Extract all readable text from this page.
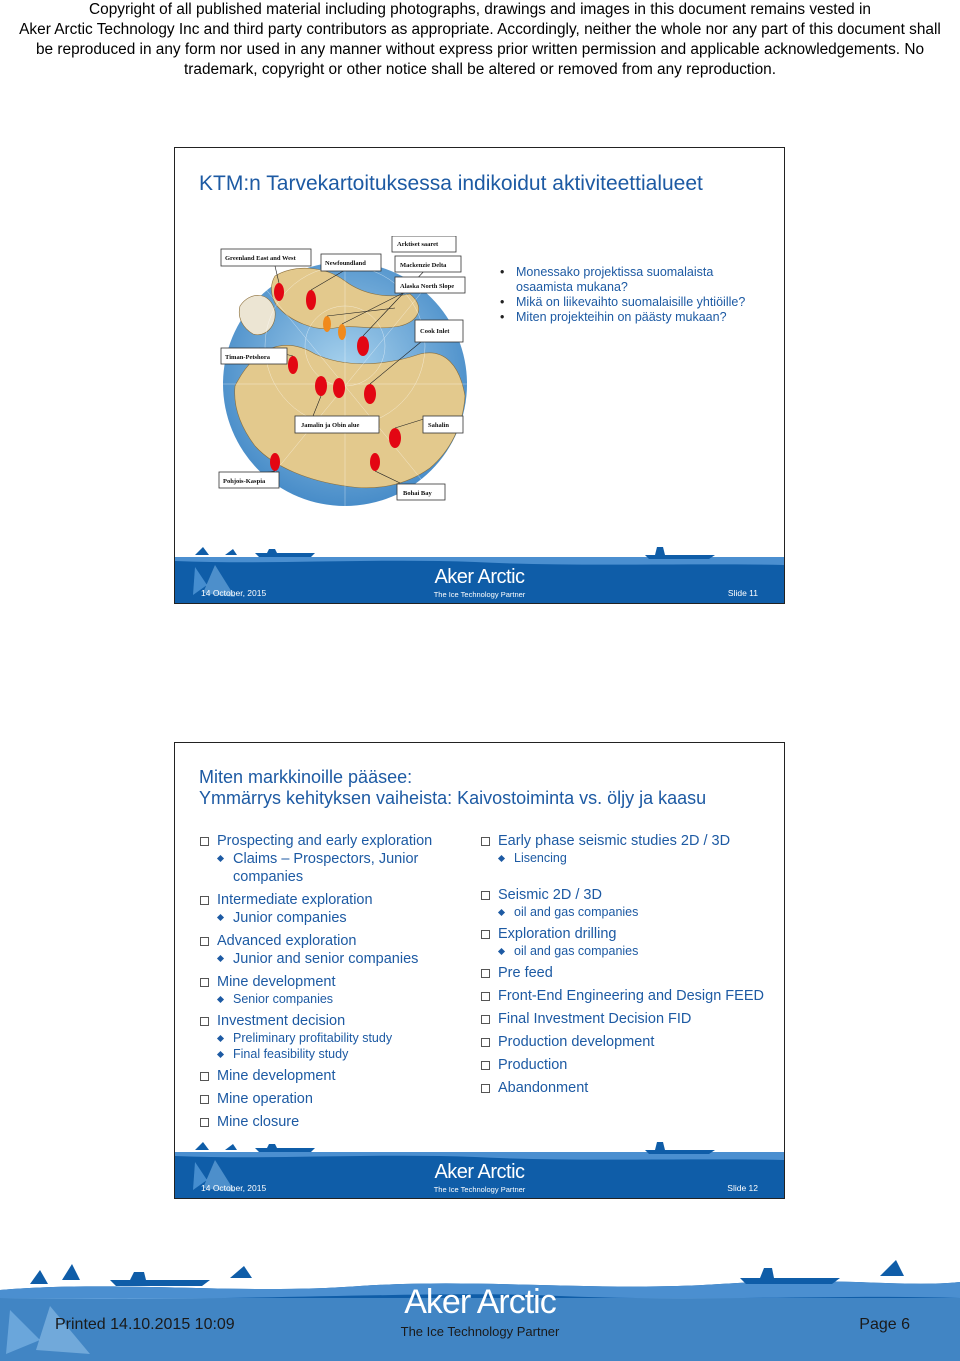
Copyright of all published material including photographs, drawings and images in this document remains vested in
Aker Arctic Technology Inc and third party contributors as appropriate. Accordingly, neither the whole nor any part of this document shall
be reproduced in any form nor used in any manner without express prior written permission and applicable acknowledgements. No
trademark, copyright or other notice shall be altered or removed from any reproduction.
KTM:n Tarvekartoituksessa indikoidut aktiviteettialueet
Greenland East and West
Newfoundland
Arktiset saaret
Mackenzie Delta
Alaska North Slope
Cook Inlet
Timan-Petshora
Jamalin ja Obin alue	Sahalin
Pohjois-Kaspia
Bohai Bay
• Monessako projektissa suomalaista osaamista mukana?
• Mikä on liikevaihto suomalaisille yhtiöille?
• Miten projekteihin on päästy mukaan?
Aker Arctic
14 October, 2015	The Ice Technology Partner	Slide 11
Miten markkinoille pääsee:
Ymmärrys kehityksen vaiheista: Kaivostoiminta vs. öljy ja kaasu
Prospecting and early exploration
Claims – Prospectors, Junior companies
Intermediate exploration
Junior companies
Advanced exploration
Junior and senior companies
Mine development
Senior companies
Investment decision
Preliminary profitability study
Final feasibility study
Mine development
Mine operation
Mine closure
Early phase seismic studies 2D / 3D
Lisencing
Seismic 2D / 3D
oil and gas companies
Exploration drilling
oil and gas companies
Pre feed
Front-End Engineering and Design FEED
Final Investment Decision FID
Production development
Production
Abandonment
Aker Arctic
14 October, 2015	The Ice Technology Partner	Slide 12
Aker Arctic
Printed 14.10.2015 10:09	The Ice Technology Partner	Page 6
